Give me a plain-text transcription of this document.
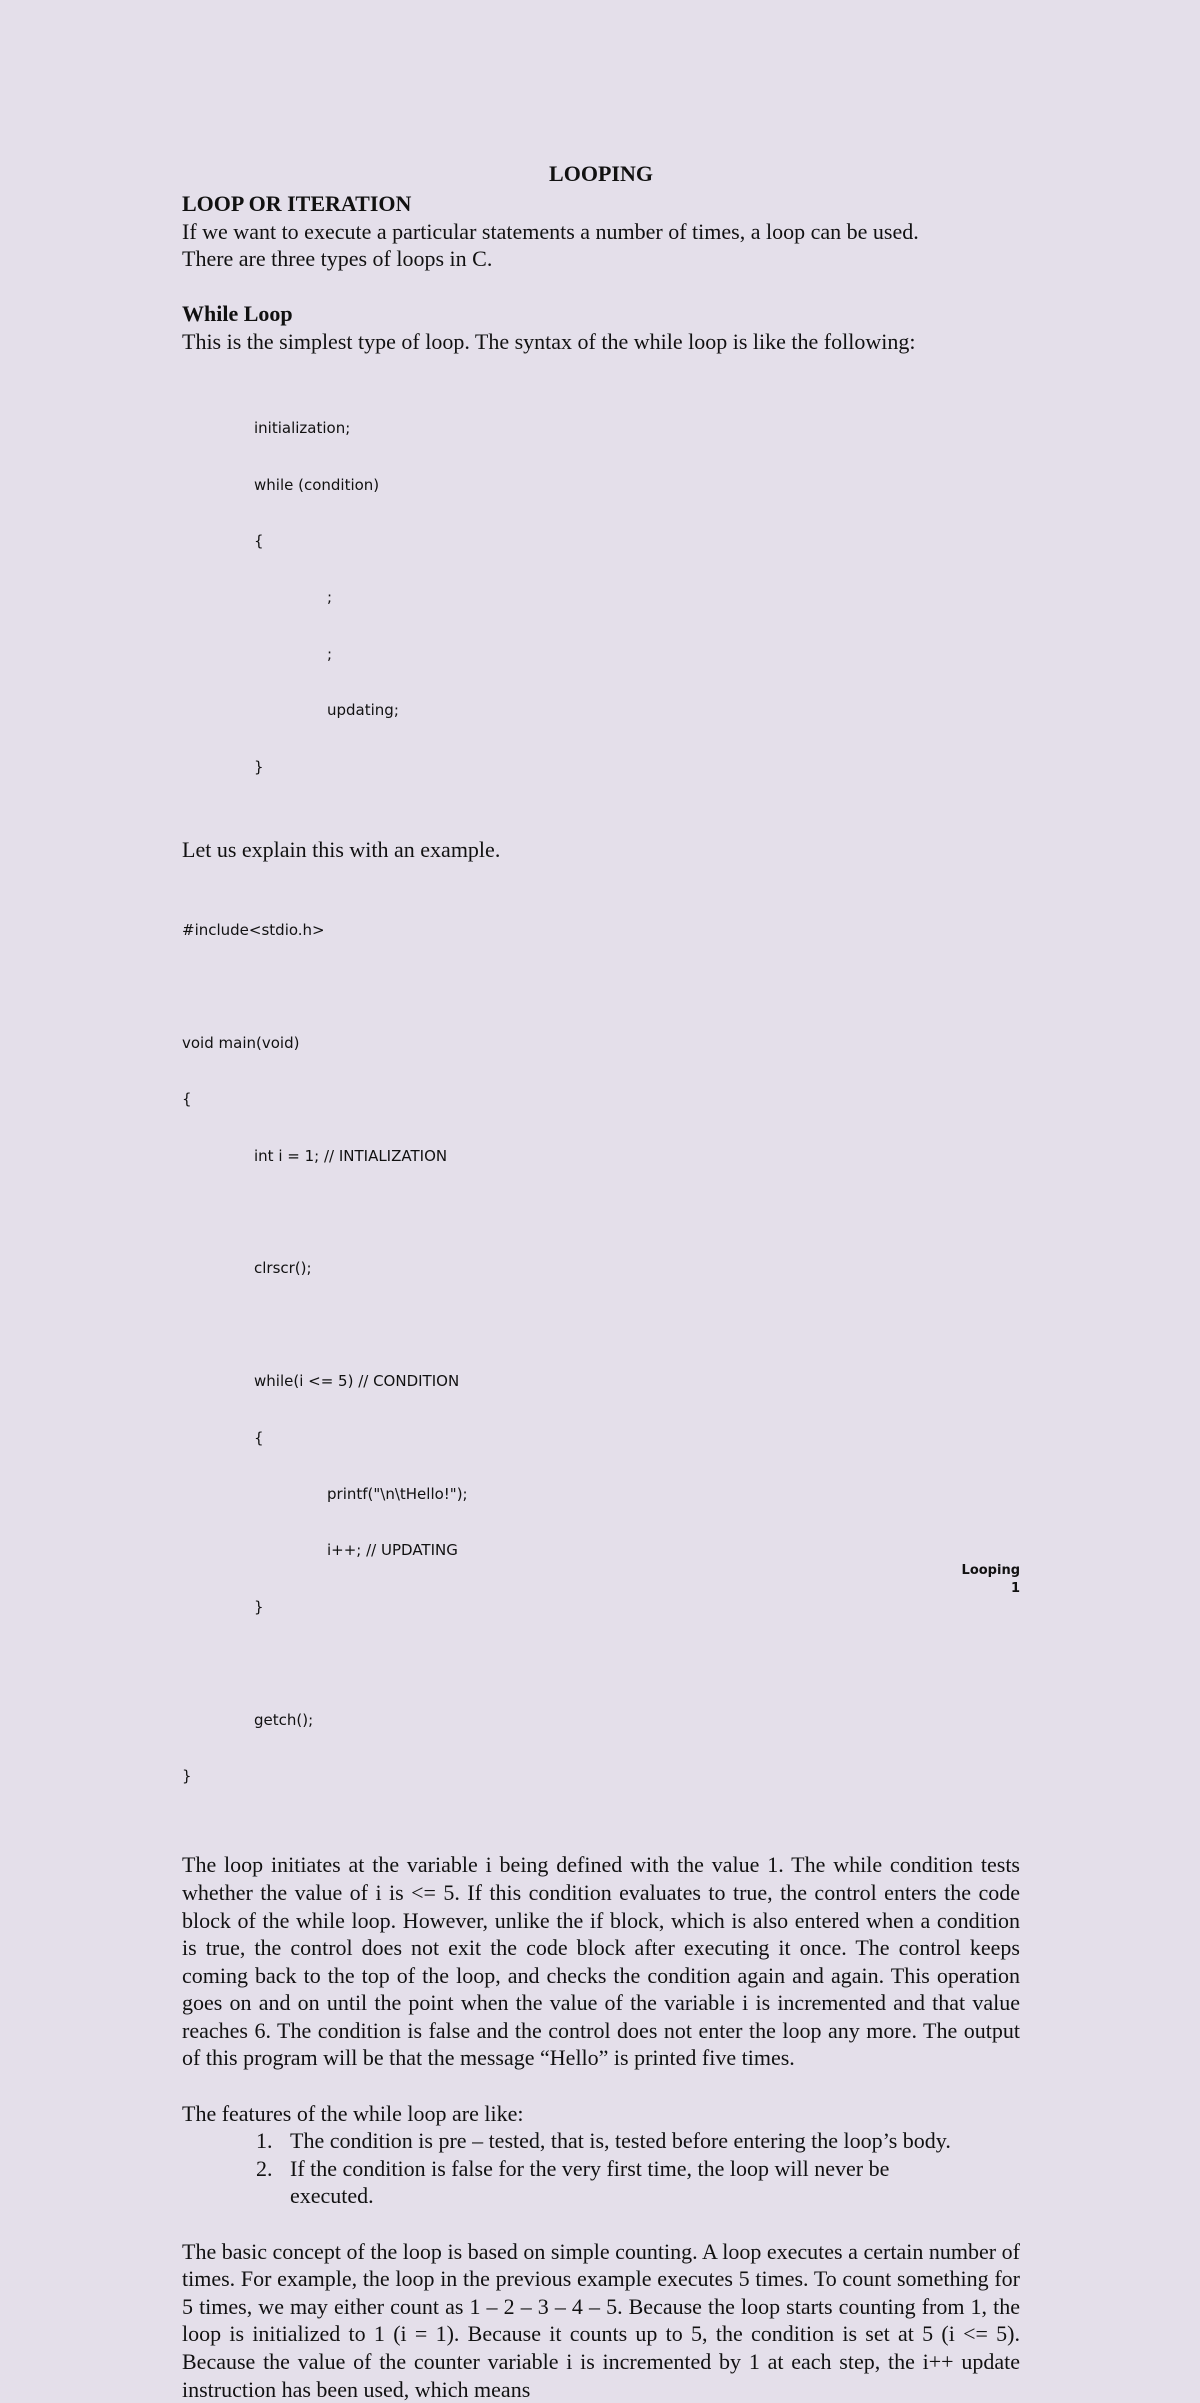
LOOPING
LOOP OR ITERATION

If we want to execute a particular statements a number of times, a loop can be used.

There are three types of loops in C.

While Loop

This is the simplest type of loop. The syntax of the while loop is like the following:

initialization;

while (condition)

{

;

;

updating;

}

Let us explain this with an example.

#include<stdio.h>

void main(void)

{

int i = 1; // INTIALIZATION

clrscr();

while(i <= 5) // CONDITION

{

printf("\n\tHello!");

i++; // UPDATING

}

getch();

}

The loop initiates at the variable i being defined with the value 1. The while condition tests whether the value of i is <= 5. If this condition evaluates to true, the control enters the code block of the while loop. However, unlike the if block, which is also entered when a condition is true, the control does not exit the code block after executing it once. The control keeps coming back to the top of the loop, and checks the condition again and again. This operation goes on and on until the point when the value of the variable i is incremented and that value reaches 6. The condition is false and the control does not enter the loop any more. The output of this program will be that the message “Hello” is printed five times.

The features of the while loop are like:

1. The condition is pre – tested, that is, tested before entering the loop’s body.
2. If the condition is false for the very first time, the loop will never be executed.

The basic concept of the loop is based on simple counting. A loop executes a certain number of times. For example, the loop in the previous example executes 5 times. To count something for 5 times, we may either count as 1 – 2 – 3 – 4 – 5. Because the loop starts counting from 1, the loop is initialized to 1 (i = 1). Because it counts up to 5, the condition is set at 5 (i <= 5). Because the value of the counter variable i is incremented by 1 at each step, the i++ update instruction has been used, which means

Looping
1
